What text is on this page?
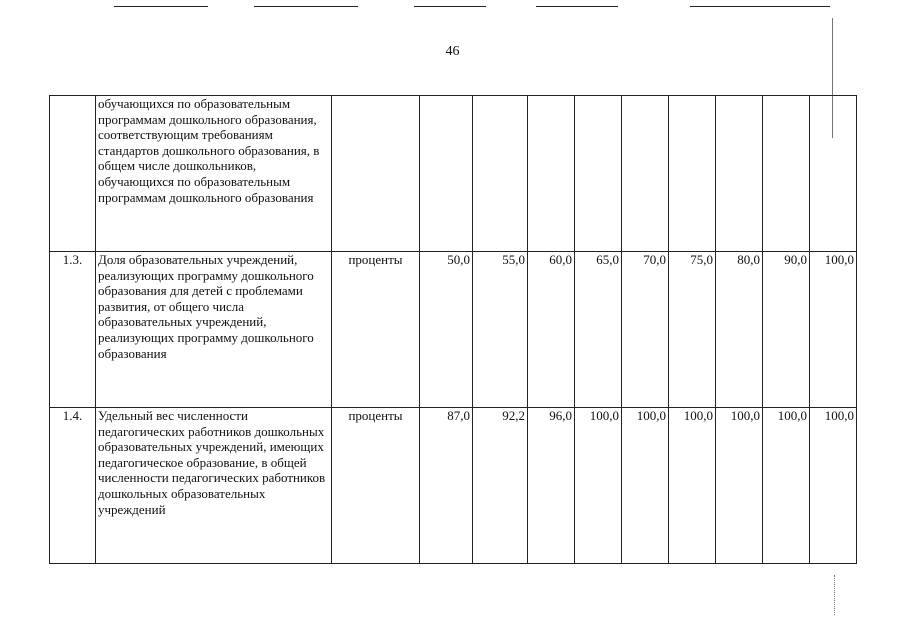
46
	обучающихся по образовательным программам дошкольного образования, соответствующим требованиям стандартов дошкольного образования, в общем числе дошкольников, обучающихся по образовательным программам дошкольного образования										
1.3.	Доля образовательных учреждений, реализующих программу дошкольного образования для детей с проблемами развития, от общего числа образовательных учреждений, реализующих программу дошкольного образования	проценты	50,0	55,0	60,0	65,0	70,0	75,0	80,0	90,0	100,0
1.4.	Удельный вес численности педагогических работников дошкольных образовательных учреждений, имеющих педагогическое образование, в общей численности педагогических работников дошкольных образовательных учреждений	проценты	87,0	92,2	96,0	100,0	100,0	100,0	100,0	100,0	100,0
